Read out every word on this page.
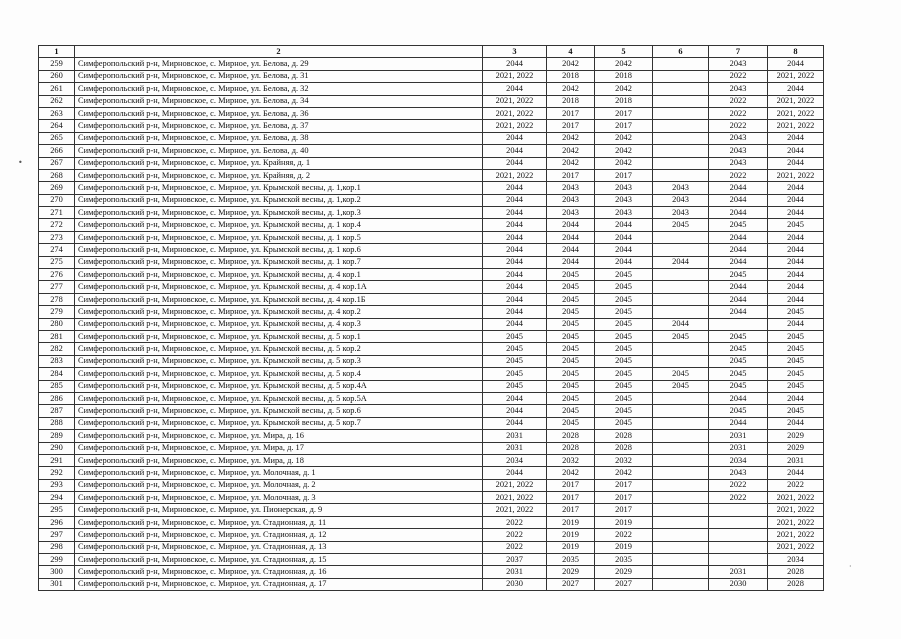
1	2	3	4	5	6	7	8
259	Симферопольский р-н, Мирновское, с. Мирное, ул. Белова, д. 29	2044	2042	2042		2043	2044
260	Симферопольский р-н, Мирновское, с. Мирное, ул. Белова, д. 31	2021, 2022	2018	2018		2022	2021, 2022
261	Симферопольский р-н, Мирновское, с. Мирное, ул. Белова, д. 32	2044	2042	2042		2043	2044
262	Симферопольский р-н, Мирновское, с. Мирное, ул. Белова, д. 34	2021, 2022	2018	2018		2022	2021, 2022
263	Симферопольский р-н, Мирновское, с. Мирное, ул. Белова, д. 36	2021, 2022	2017	2017		2022	2021, 2022
264	Симферопольский р-н, Мирновское, с. Мирное, ул. Белова, д. 37	2021, 2022	2017	2017		2022	2021, 2022
265	Симферопольский р-н, Мирновское, с. Мирное, ул. Белова, д. 38	2044	2042	2042		2043	2044
266	Симферопольский р-н, Мирновское, с. Мирное, ул. Белова, д. 40	2044	2042	2042		2043	2044
267	Симферопольский р-н, Мирновское, с. Мирное, ул. Крайняя, д. 1	2044	2042	2042		2043	2044
268	Симферопольский р-н, Мирновское, с. Мирное, ул. Крайняя, д. 2	2021, 2022	2017	2017		2022	2021, 2022
269	Симферопольский р-н, Мирновское, с. Мирное, ул. Крымской весны, д. 1,кор.1	2044	2043	2043	2043	2044	2044
270	Симферопольский р-н, Мирновское, с. Мирное, ул. Крымской весны, д. 1,кор.2	2044	2043	2043	2043	2044	2044
271	Симферопольский р-н, Мирновское, с. Мирное, ул. Крымской весны, д. 1,кор.3	2044	2043	2043	2043	2044	2044
272	Симферопольский р-н, Мирновское, с. Мирное, ул. Крымской весны, д. 1 кор.4	2044	2044	2044	2045	2045	2045
273	Симферопольский р-н, Мирновское, с. Мирное, ул. Крымской весны, д. 1 кор.5	2044	2044	2044		2044	2044
274	Симферопольский р-н, Мирновское, с. Мирное, ул. Крымской весны, д. 1 кор.6	2044	2044	2044		2044	2044
275	Симферопольский р-н, Мирновское, с. Мирное, ул. Крымской весны, д. 1 кор.7	2044	2044	2044	2044	2044	2044
276	Симферопольский р-н, Мирновское, с. Мирное, ул. Крымской весны, д. 4 кор.1	2044	2045	2045		2045	2044
277	Симферопольский р-н, Мирновское, с. Мирное, ул. Крымской весны, д. 4 кор.1А	2044	2045	2045		2044	2044
278	Симферопольский р-н, Мирновское, с. Мирное, ул. Крымской весны, д. 4 кор.1Б	2044	2045	2045		2044	2044
279	Симферопольский р-н, Мирновское, с. Мирное, ул. Крымской весны, д. 4 кор.2	2044	2045	2045		2044	2045
280	Симферопольский р-н, Мирновское, с. Мирное, ул. Крымской весны, д. 4 кор.3	2044	2045	2045	2044		2044
281	Симферопольский р-н, Мирновское, с. Мирное, ул. Крымской весны, д. 5 кор.1	2045	2045	2045	2045	2045	2045
282	Симферопольский р-н, Мирновское, с. Мирное, ул. Крымской весны, д. 5 кор.2	2045	2045	2045		2045	2045
283	Симферопольский р-н, Мирновское, с. Мирное, ул. Крымской весны, д. 5 кор.3	2045	2045	2045		2045	2045
284	Симферопольский р-н, Мирновское, с. Мирное, ул. Крымской весны, д. 5 кор.4	2045	2045	2045	2045	2045	2045
285	Симферопольский р-н, Мирновское, с. Мирное, ул. Крымской весны, д. 5 кор.4А	2045	2045	2045	2045	2045	2045
286	Симферопольский р-н, Мирновское, с. Мирное, ул. Крымской весны, д. 5 кор.5А	2044	2045	2045		2044	2044
287	Симферопольский р-н, Мирновское, с. Мирное, ул. Крымской весны, д. 5 кор.6	2044	2045	2045		2045	2045
288	Симферопольский р-н, Мирновское, с. Мирное, ул. Крымской весны, д. 5 кор.7	2044	2045	2045		2044	2044
289	Симферопольский р-н, Мирновское, с. Мирное, ул. Мира, д. 16	2031	2028	2028		2031	2029
290	Симферопольский р-н, Мирновское, с. Мирное, ул. Мира, д. 17	2031	2028	2028		2031	2029
291	Симферопольский р-н, Мирновское, с. Мирное, ул. Мира, д. 18	2034	2032	2032		2034	2031
292	Симферопольский р-н, Мирновское, с. Мирное, ул. Молочная, д. 1	2044	2042	2042		2043	2044
293	Симферопольский р-н, Мирновское, с. Мирное, ул. Молочная, д. 2	2021, 2022	2017	2017		2022	2022
294	Симферопольский р-н, Мирновское, с. Мирное, ул. Молочная, д. 3	2021, 2022	2017	2017		2022	2021, 2022
295	Симферопольский р-н, Мирновское, с. Мирное, ул. Пионерская, д. 9	2021, 2022	2017	2017			2021, 2022
296	Симферопольский р-н, Мирновское, с. Мирное, ул. Стадионная, д. 11	2022	2019	2019			2021, 2022
297	Симферопольский р-н, Мирновское, с. Мирное, ул. Стадионная, д. 12	2022	2019	2022			2021, 2022
298	Симферопольский р-н, Мирновское, с. Мирное, ул. Стадионная, д. 13	2022	2019	2019			2021, 2022
299	Симферопольский р-н, Мирновское, с. Мирное, ул. Стадионная, д. 15	2037	2035	2035			2034
300	Симферопольский р-н, Мирновское, с. Мирное, ул. Стадионная, д. 16	2031	2029	2029		2031	2028
301	Симферопольский р-н, Мирновское, с. Мирное, ул. Стадионная, д. 17	2030	2027	2027		2030	2028
•
·
